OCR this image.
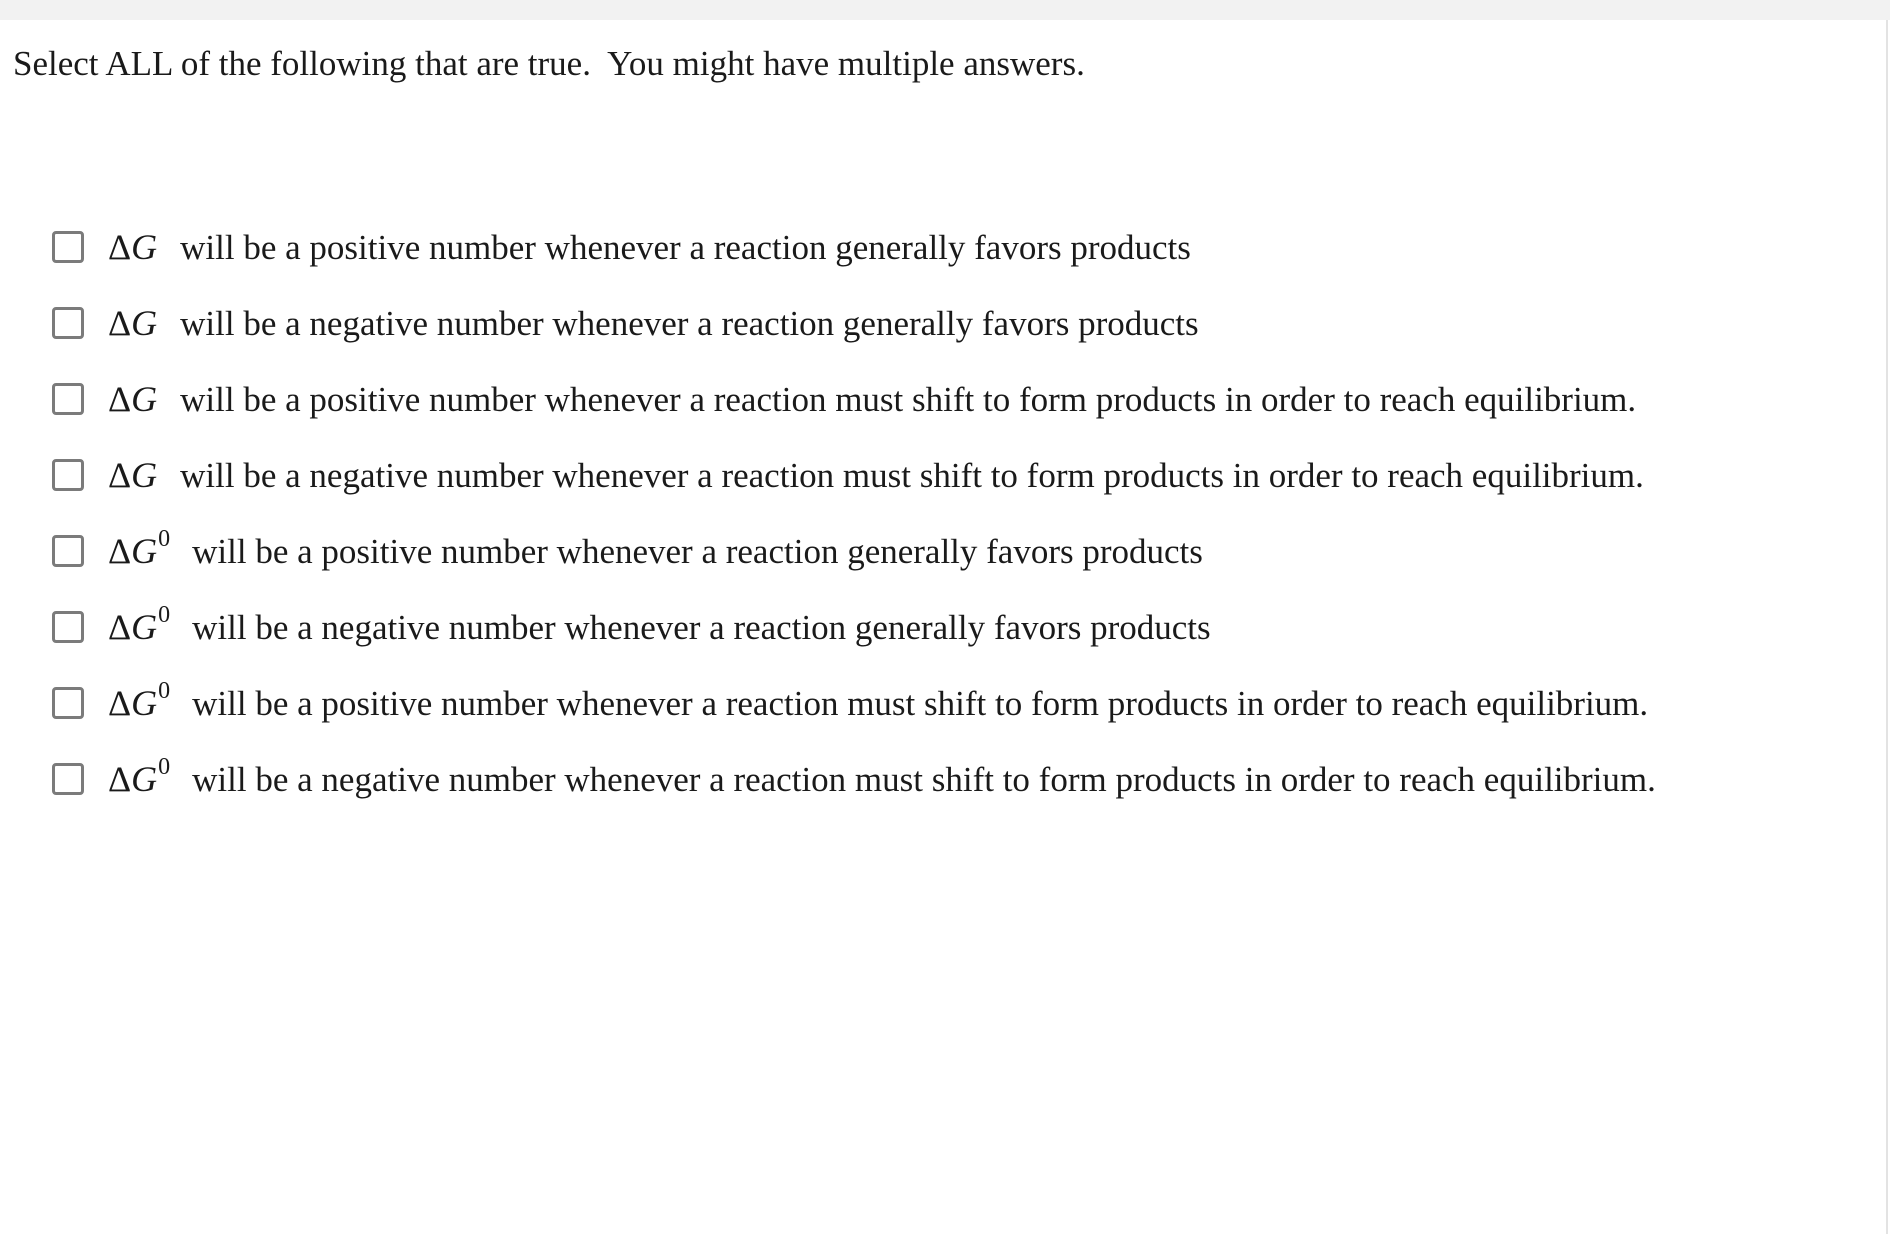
Select ALL of the following that are true.  You might have multiple answers.

ΔG will be a positive number whenever a reaction generally favors products
ΔG will be a negative number whenever a reaction generally favors products
ΔG will be a positive number whenever a reaction must shift to form products in order to reach equilibrium.
ΔG will be a negative number whenever a reaction must shift to form products in order to reach equilibrium.
$\Delta G^0$ will be a positive number whenever a reaction generally favors products
$\Delta G^0$ will be a negative number whenever a reaction generally favors products
$\Delta G^0$ will be a positive number whenever a reaction must shift to form products in order to reach equilibrium.
$\Delta G^0$ will be a negative number whenever a reaction must shift to form products in order to reach equilibrium.
